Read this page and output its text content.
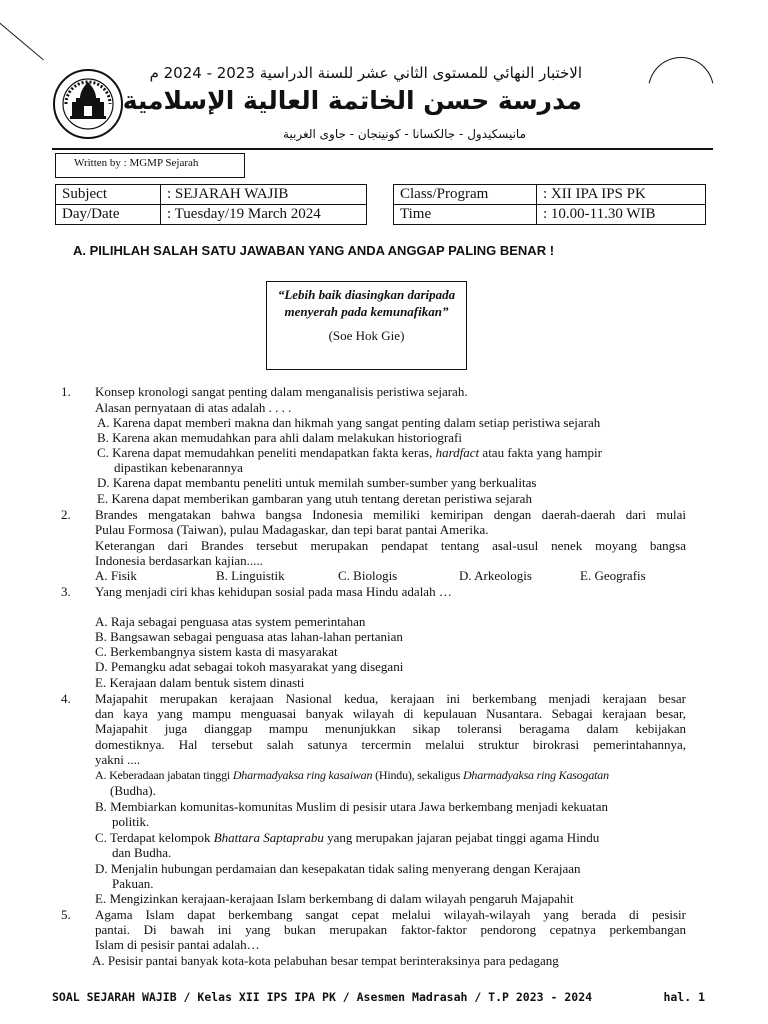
الاختبار النهائي للمستوى الثاني عشر للسنة الدراسية 2023 - 2024 م
مدرسة حسن الخاتمة العالية الإسلامية
مانيسكيدول - جالكسانا - كونينجان - جاوى الغربية
Written by : MGMP Sejarah
Subject	: SEJARAH WAJIB
Day/Date	: Tuesday/19 March 2024
Class/Program	: XII IPA IPS PK
Time	: 10.00-11.30 WIB
A. PILIHLAH SALAH SATU JAWABAN YANG ANDA ANGGAP PALING BENAR !
“Lebih baik diasingkan daripada menyerah pada kemunafikan”
(Soe Hok Gie)
1. Konsep kronologi sangat penting dalam menganalisis peristiwa sejarah.
Alasan pernyataan di atas adalah . . . .
A. Karena dapat memberi makna dan hikmah yang sangat penting dalam setiap peristiwa sejarah
B. Karena akan memudahkan para ahli dalam melakukan historiografi
C. Karena dapat memudahkan peneliti mendapatkan fakta keras, hardfact atau fakta yang hampir
dipastikan kebenarannya
D. Karena dapat membantu peneliti untuk memilah sumber-sumber yang berkualitas
E. Karena dapat memberikan gambaran yang utuh tentang deretan peristiwa sejarah
2. Brandes mengatakan bahwa bangsa Indonesia memiliki kemiripan dengan daerah-daerah dari mulai
Pulau Formosa (Taiwan), pulau Madagaskar, dan tepi barat pantai Amerika.
Keterangan dari Brandes tersebut merupakan pendapat tentang asal-usul nenek moyang bangsa
Indonesia berdasarkan kajian.....
A. Fisik	B. Linguistik	C. Biologis	D. Arkeologis	E. Geografis
3. Yang menjadi ciri khas kehidupan sosial pada masa Hindu adalah …
A. Raja sebagai penguasa atas system pemerintahan
B. Bangsawan sebagai penguasa atas lahan-lahan pertanian
C. Berkembangnya sistem kasta di masyarakat
D. Pemangku adat sebagai tokoh masyarakat yang disegani
E. Kerajaan dalam bentuk sistem dinasti
4. Majapahit merupakan kerajaan Nasional kedua, kerajaan ini berkembang menjadi kerajaan besar
dan kaya yang mampu menguasai banyak wilayah di kepulauan Nusantara. Sebagai kerajaan besar,
Majapahit juga dianggap mampu menunjukkan sikap toleransi beragama dalam kebijakan
domestiknya. Hal tersebut salah satunya tercermin melalui struktur birokrasi pemerintahannya,
yakni ....
A. Keberadaan jabatan tinggi Dharmadyaksa ring kasaiwan (Hindu), sekaligus Dharmadyaksa ring Kasogatan
(Budha).
B. Membiarkan komunitas-komunitas Muslim di pesisir utara Jawa berkembang menjadi kekuatan
politik.
C. Terdapat kelompok Bhattara Saptaprabu yang merupakan jajaran pejabat tinggi agama Hindu
dan Budha.
D. Menjalin hubungan perdamaian dan kesepakatan tidak saling menyerang dengan Kerajaan
Pakuan.
E. Mengizinkan kerajaan-kerajaan Islam berkembang di dalam wilayah pengaruh Majapahit
5. Agama Islam dapat berkembang sangat cepat melalui wilayah-wilayah yang berada di pesisir
pantai. Di bawah ini yang bukan merupakan faktor-faktor pendorong cepatnya perkembangan
Islam di pesisir pantai adalah…
A. Pesisir pantai banyak kota-kota pelabuhan besar tempat berinteraksinya para pedagang
SOAL SEJARAH WAJIB / Kelas XII IPS IPA PK / Asesmen Madrasah / T.P 2023 - 2024	hal. 1
